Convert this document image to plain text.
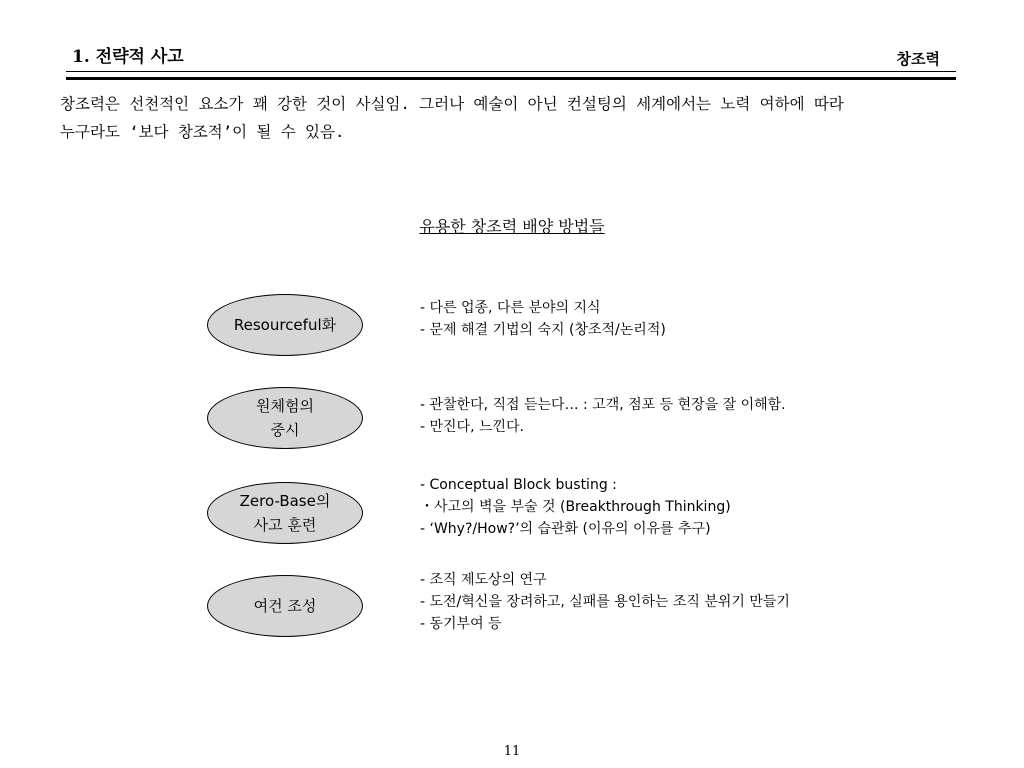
1. 전략적 사고	창조력
창조력은 선천적인 요소가 꽤 강한 것이 사실임. 그러나 예술이 아닌 컨설팅의 세계에서는 노력 여하에 따라
누구라도 ‘보다 창조적’이 될 수 있음.
유용한 창조력 배양 방법들
Resourceful화
- 다른 업종, 다른 분야의 지식
- 문제 해결 기법의 숙지 (창조적/논리적)
원체험의
중시
- 관찰한다, 직접 듣는다… : 고객, 점포 등 현장을 잘 이해함.
- 만진다, 느낀다.
Zero-Base의
사고 훈련
- Conceptual Block busting :
・사고의 벽을 부술 것 (Breakthrough Thinking)
- ‘Why?/How?’의 습관화 (이유의 이유를 추구)
여건 조성
- 조직 제도상의 연구
- 도전/혁신을 장려하고, 실패를 용인하는 조직 분위기 만들기
- 동기부여 등
11
